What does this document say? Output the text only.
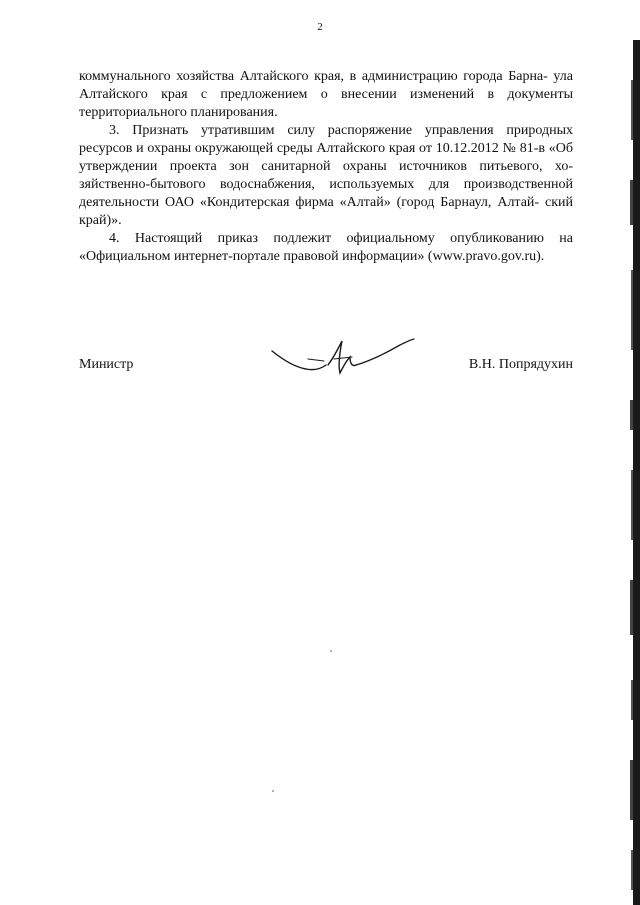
2

коммунального хозяйства Алтайского края, в администрацию города Барна- ула Алтайского края с предложением о внесении изменений в документы территориального планирования.

3. Признать утратившим силу распоряжение управления природных ресурсов и охраны окружающей среды Алтайского края от 10.12.2012 № 81-в «Об утверждении проекта зон санитарной охраны источников питьевого, хо- зяйственно-бытового водоснабжения, используемых для производственной деятельности ОАО «Кондитерская фирма «Алтай» (город Барнаул, Алтай- ский край)».

4. Настоящий приказ подлежит официальному опубликованию на «Официальном интернет-портале правовой информации» (www.pravo.gov.ru).

Министр	В.Н. Попрядухин
